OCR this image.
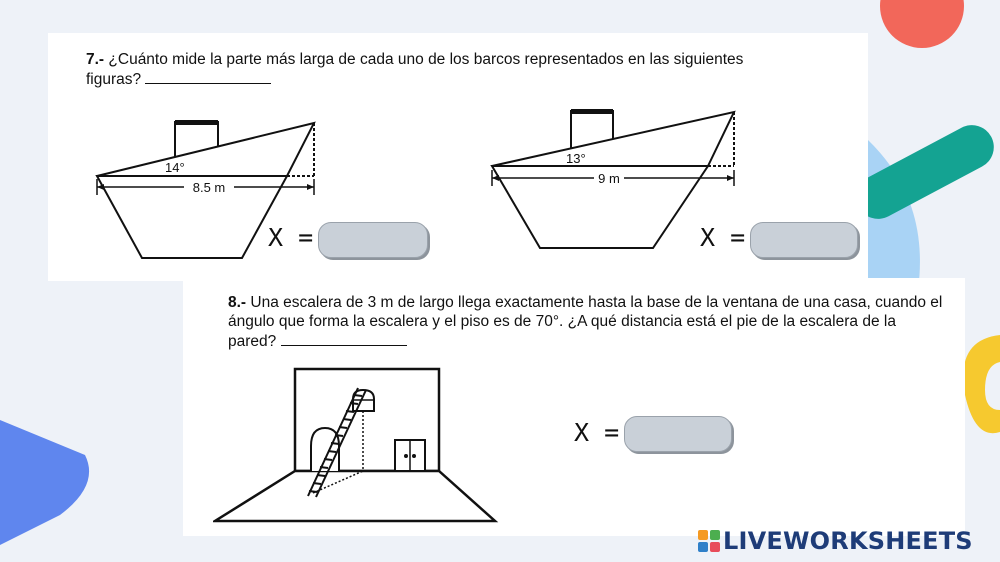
7.- ¿Cuánto mide la parte más larga de cada uno de los barcos representados en las siguientes figuras?
8.5 m
14°
X =
9 m
13°
X =
8.- Una escalera de 3 m de largo llega exactamente hasta la base de la ventana de una casa, cuando el ángulo que forma la escalera y el piso es de 70°. ¿A qué distancia está el pie de la escalera de la pared?
X =
LIVEWORKSHEETS
